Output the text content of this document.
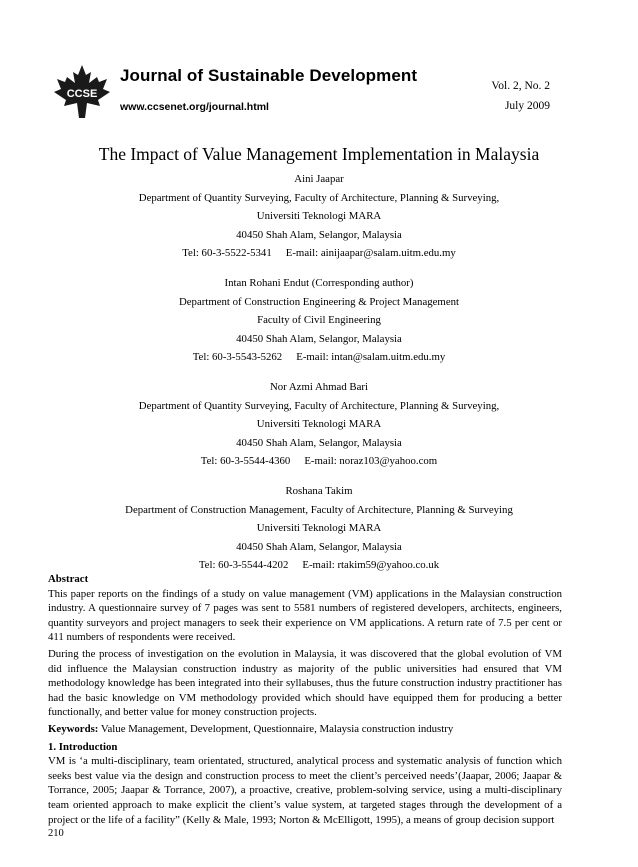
CCSE
Journal of Sustainable Development
www.ccsenet.org/journal.html
Vol. 2, No. 2
July 2009
The Impact of Value Management Implementation in Malaysia
Aini Jaapar
Department of Quantity Surveying, Faculty of Architecture, Planning & Surveying,
Universiti Teknologi MARA
40450 Shah Alam, Selangor, Malaysia
Tel: 60-3-5522-5341 E-mail: ainijaapar@salam.uitm.edu.my
Intan Rohani Endut (Corresponding author)
Department of Construction Engineering & Project Management
Faculty of Civil Engineering
40450 Shah Alam, Selangor, Malaysia
Tel: 60-3-5543-5262 E-mail: intan@salam.uitm.edu.my
Nor Azmi Ahmad Bari
Department of Quantity Surveying, Faculty of Architecture, Planning & Surveying,
Universiti Teknologi MARA
40450 Shah Alam, Selangor, Malaysia
Tel: 60-3-5544-4360 E-mail: noraz103@yahoo.com
Roshana Takim
Department of Construction Management, Faculty of Architecture, Planning & Surveying
Universiti Teknologi MARA
40450 Shah Alam, Selangor, Malaysia
Tel: 60-3-5544-4202 E-mail: rtakim59@yahoo.co.uk
Abstract

This paper reports on the findings of a study on value management (VM) applications in the Malaysian construction industry. A questionnaire survey of 7 pages was sent to 5581 numbers of registered developers, architects, engineers, quantity surveyors and project managers to seek their experience on VM applications. A return rate of 7.5 per cent or 411 numbers of respondents were received.

During the process of investigation on the evolution in Malaysia, it was discovered that the global evolution of VM did influence the Malaysian construction industry as majority of the public universities had ensured that VM methodology knowledge has been integrated into their syllabuses, thus the future construction industry practitioner has had the basic knowledge on VM methodology provided which should have equipped them for producing a better functionally, and better value for money construction projects.

Keywords: Value Management, Development, Questionnaire, Malaysia construction industry
1. Introduction

VM is ‘a multi-disciplinary, team orientated, structured, analytical process and systematic analysis of function which seeks best value via the design and construction process to meet the client’s perceived needs’(Jaapar, 2006; Jaapar & Torrance, 2005; Jaapar & Torrance, 2007), a proactive, creative, problem-solving service, using a multi-disciplinary team oriented approach to make explicit the client’s value system, at targeted stages through the development of a project or the life of a facility” (Kelly & Male, 1993; Norton & McElligott, 1995), a means of group decision support

210
